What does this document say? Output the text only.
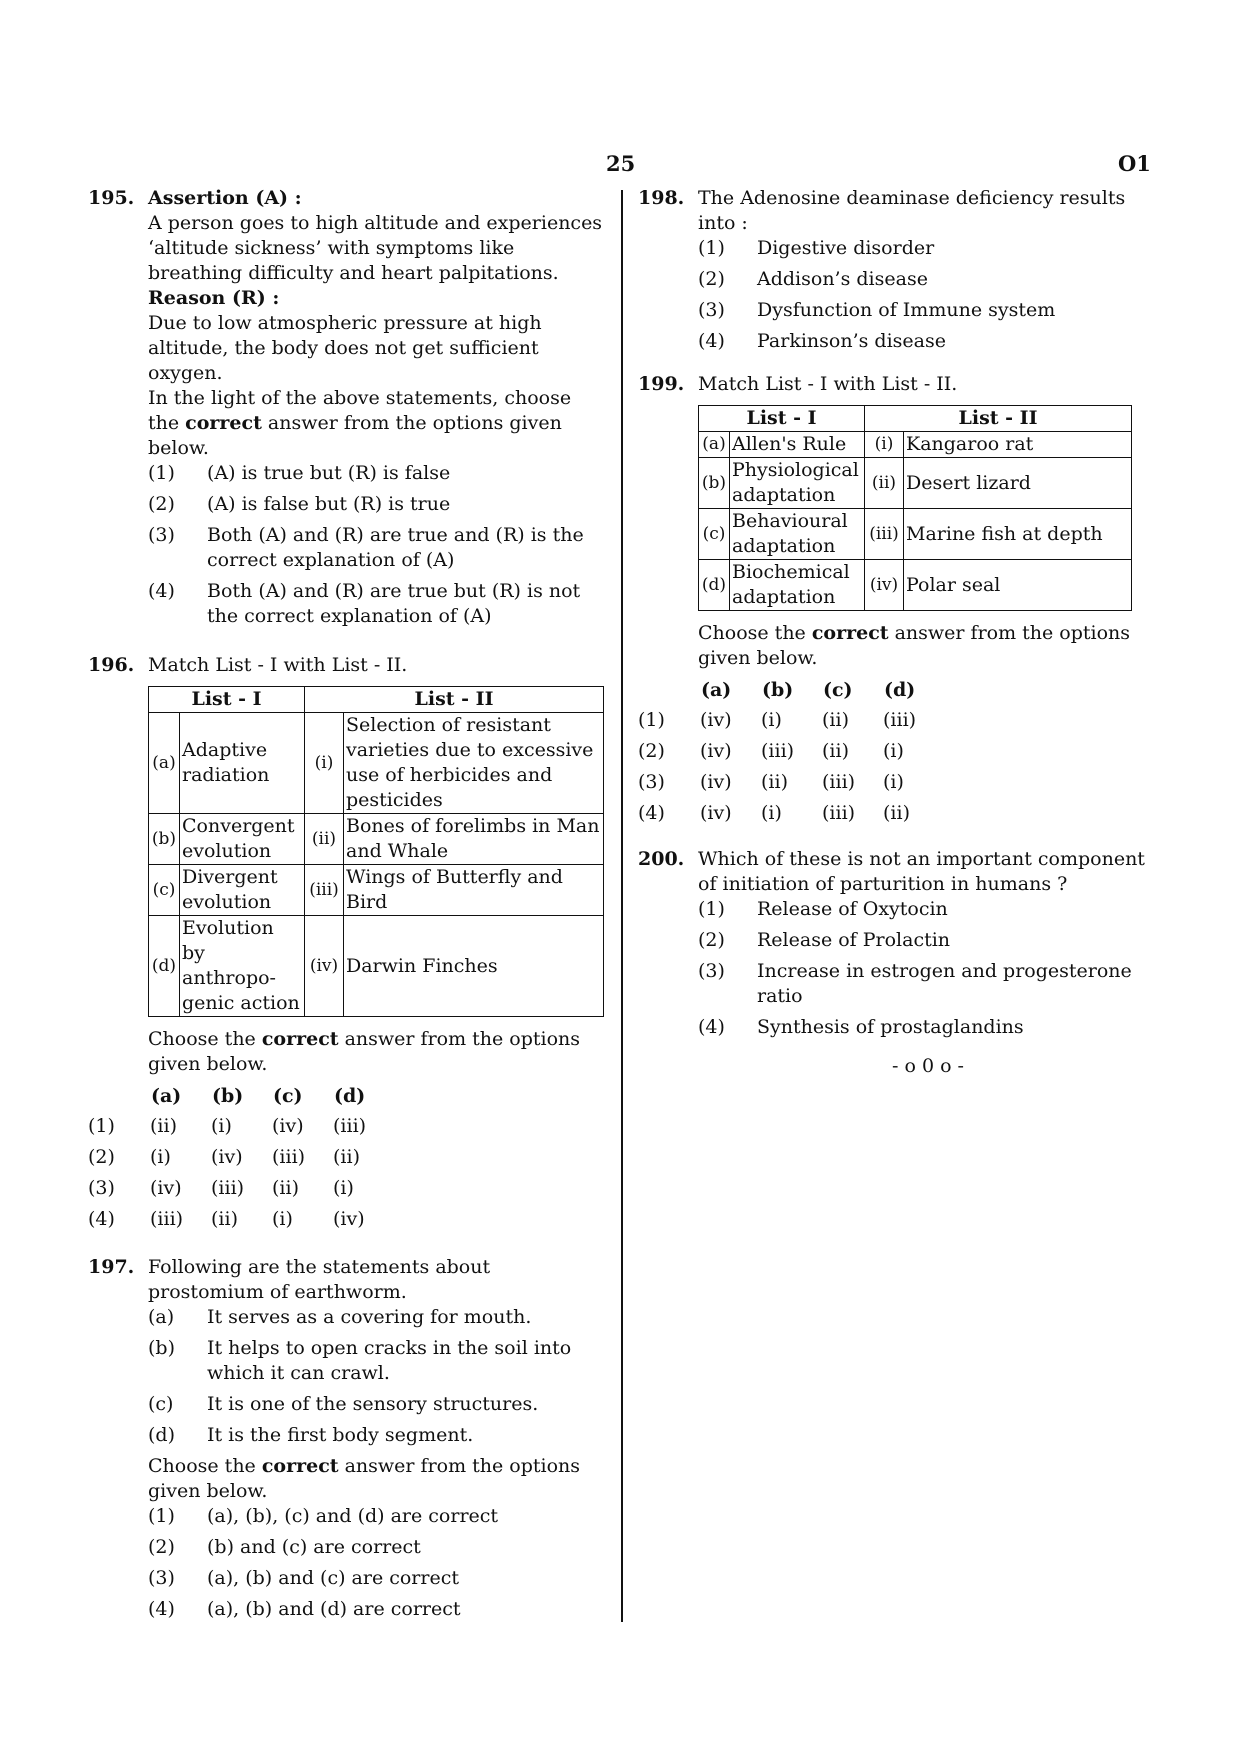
25	O1
195. Assertion (A) :

A person goes to high altitude and experiences ‘altitude sickness’ with symptoms like breathing difficulty and heart palpitations.

Reason (R) :

Due to low atmospheric pressure at high altitude, the body does not get sufficient oxygen.

In the light of the above statements, choose the correct answer from the options given below.

(1)	(A) is true but (R) is false
(2)	(A) is false but (R) is true
(3)	Both (A) and (R) are true and (R) is the correct explanation of (A)
(4)	Both (A) and (R) are true but (R) is not the correct explanation of (A)
196. Match List - I with List - II.

List - I		List - II	
(a)	Adaptive radiation	(i)	Selection of resistant varieties due to excessive use of herbicides and pesticides
(b)	Convergent evolution	(ii)	Bones of forelimbs in Man and Whale
(c)	Divergent evolution	(iii)	Wings of Butterfly and Bird
(d)	Evolution by anthropo- genic action	(iv)	Darwin Finches

Choose the correct answer from the options given below.

	(a)	(b)	(c)	(d)
(1)	(ii)	(i)	(iv)	(iii)
(2)	(i)	(iv)	(iii)	(ii)
(3)	(iv)	(iii)	(ii)	(i)
(4)	(iii)	(ii)	(i)	(iv)
197. Following are the statements about prostomium of earthworm.

(a)	It serves as a covering for mouth.
(b)	It helps to open cracks in the soil into which it can crawl.
(c)	It is one of the sensory structures.
(d)	It is the first body segment.

Choose the correct answer from the options given below.

(1)	(a), (b), (c) and (d) are correct
(2)	(b) and (c) are correct
(3)	(a), (b) and (c) are correct
(4)	(a), (b) and (d) are correct
198. The Adenosine deaminase deficiency results into :

(1)	Digestive disorder
(2)	Addison’s disease
(3)	Dysfunction of Immune system
(4)	Parkinson’s disease
199. Match List - I with List - II.

List - I		List - II	
(a)	Allen's Rule	(i)	Kangaroo rat
(b)	Physiological adaptation	(ii)	Desert lizard
(c)	Behavioural adaptation	(iii)	Marine fish at depth
(d)	Biochemical adaptation	(iv)	Polar seal

Choose the correct answer from the options given below.

	(a)	(b)	(c)	(d)
(1)	(iv)	(i)	(ii)	(iii)
(2)	(iv)	(iii)	(ii)	(i)
(3)	(iv)	(ii)	(iii)	(i)
(4)	(iv)	(i)	(iii)	(ii)
200. Which of these is not an important component of initiation of parturition in humans ?

(1)	Release of Oxytocin
(2)	Release of Prolactin
(3)	Increase in estrogen and progesterone ratio
(4)	Synthesis of prostaglandins
- o 0 o -
